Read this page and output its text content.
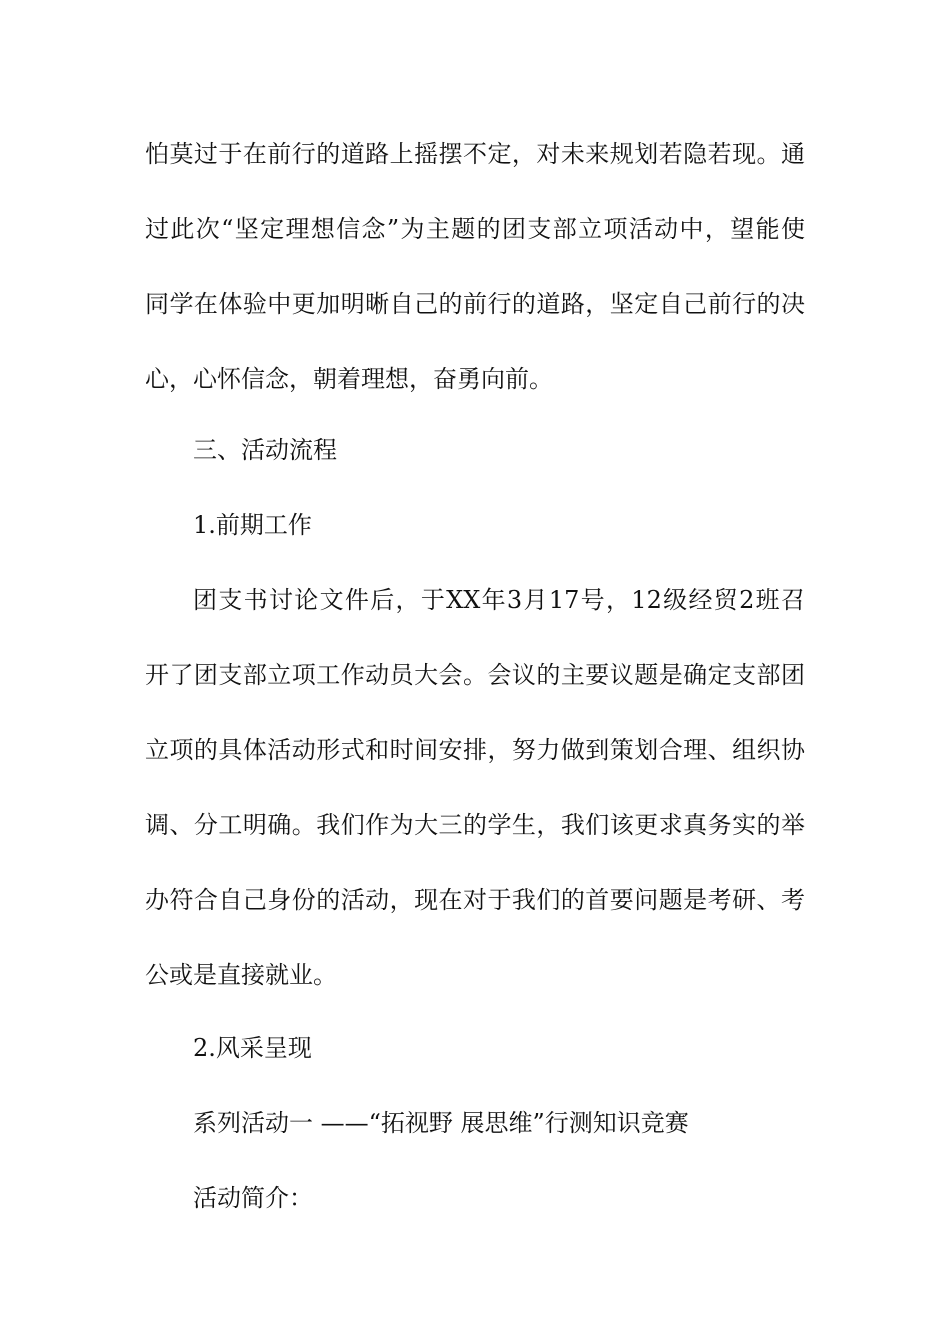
怕莫过于在前行的道路上摇摆不定，对未来规划若隐若现。通
过此次“坚定理想信念”为主题的团支部立项活动中，望能使
同学在体验中更加明晰自己的前行的道路，坚定自己前行的决
心，心怀信念，朝着理想，奋勇向前。
三、活动流程
1.前期工作
团支书讨论文件后，于XX年3月17号，12级经贸2班召
开了团支部立项工作动员大会。会议的主要议题是确定支部团
立项的具体活动形式和时间安排，努力做到策划合理、组织协
调、分工明确。我们作为大三的学生，我们该更求真务实的举
办符合自己身份的活动，现在对于我们的首要问题是考研、考
公或是直接就业。
2.风采呈现
系列活动一 ——“拓视野 展思维”行测知识竞赛
活动简介：
